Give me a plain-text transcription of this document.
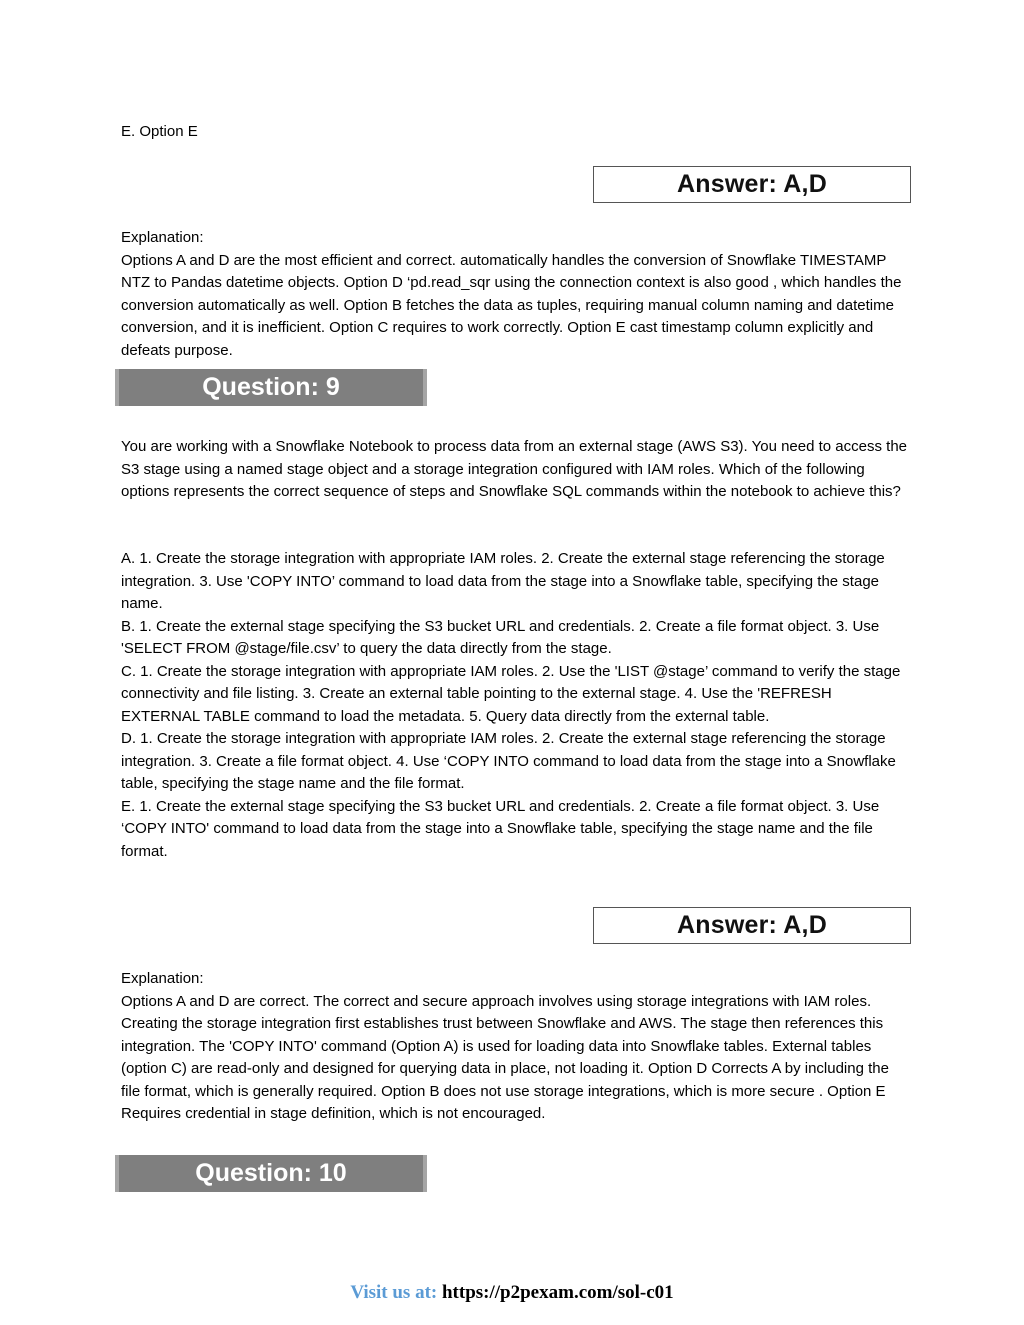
E. Option E

Answer: A,D
Explanation:
Options A and D are the most efficient and correct. automatically handles the conversion of Snowflake TIMESTAMP NTZ to Pandas datetime objects. Option D ‘pd.read_sqr using the connection context is also good , which handles the conversion automatically as well. Option B fetches the data as tuples, requiring manual column naming and datetime conversion, and it is inefficient. Option C requires to work correctly. Option E cast timestamp column explicitly and defeats purpose.
Question: 9
You are working with a Snowflake Notebook to process data from an external stage (AWS S3). You need to access the S3 stage using a named stage object and a storage integration configured with IAM roles. Which of the following options represents the correct sequence of steps and Snowflake SQL commands within the notebook to achieve this?
A. 1. Create the storage integration with appropriate IAM roles. 2. Create the external stage referencing the storage integration. 3. Use 'COPY INTO’ command to load data from the stage into a Snowflake table, specifying the stage name.
B. 1. Create the external stage specifying the S3 bucket URL and credentials. 2. Create a file format object. 3. Use 'SELECT FROM @stage/file.csv’ to query the data directly from the stage.
C. 1. Create the storage integration with appropriate IAM roles. 2. Use the 'LIST @stage’ command to verify the stage connectivity and file listing. 3. Create an external table pointing to the external stage. 4. Use the 'REFRESH EXTERNAL TABLE command to load the metadata. 5. Query data directly from the external table.
D. 1. Create the storage integration with appropriate IAM roles. 2. Create the external stage referencing the storage integration. 3. Create a file format object. 4. Use ‘COPY INTO command to load data from the stage into a Snowflake table, specifying the stage name and the file format.
E. 1. Create the external stage specifying the S3 bucket URL and credentials. 2. Create a file format object. 3. Use ‘COPY INTO' command to load data from the stage into a Snowflake table, specifying the stage name and the file format.
Answer: A,D
Explanation:
Options A and D are correct. The correct and secure approach involves using storage integrations with IAM roles. Creating the storage integration first establishes trust between Snowflake and AWS. The stage then references this integration. The 'COPY INTO' command (Option A) is used for loading data into Snowflake tables. External tables (option C) are read-only and designed for querying data in place, not loading it. Option D Corrects A by including the file format, which is generally required. Option B does not use storage integrations, which is more secure . Option E Requires credential in stage definition, which is not encouraged.
Question: 10
Visit us at: https://p2pexam.com/sol-c01
